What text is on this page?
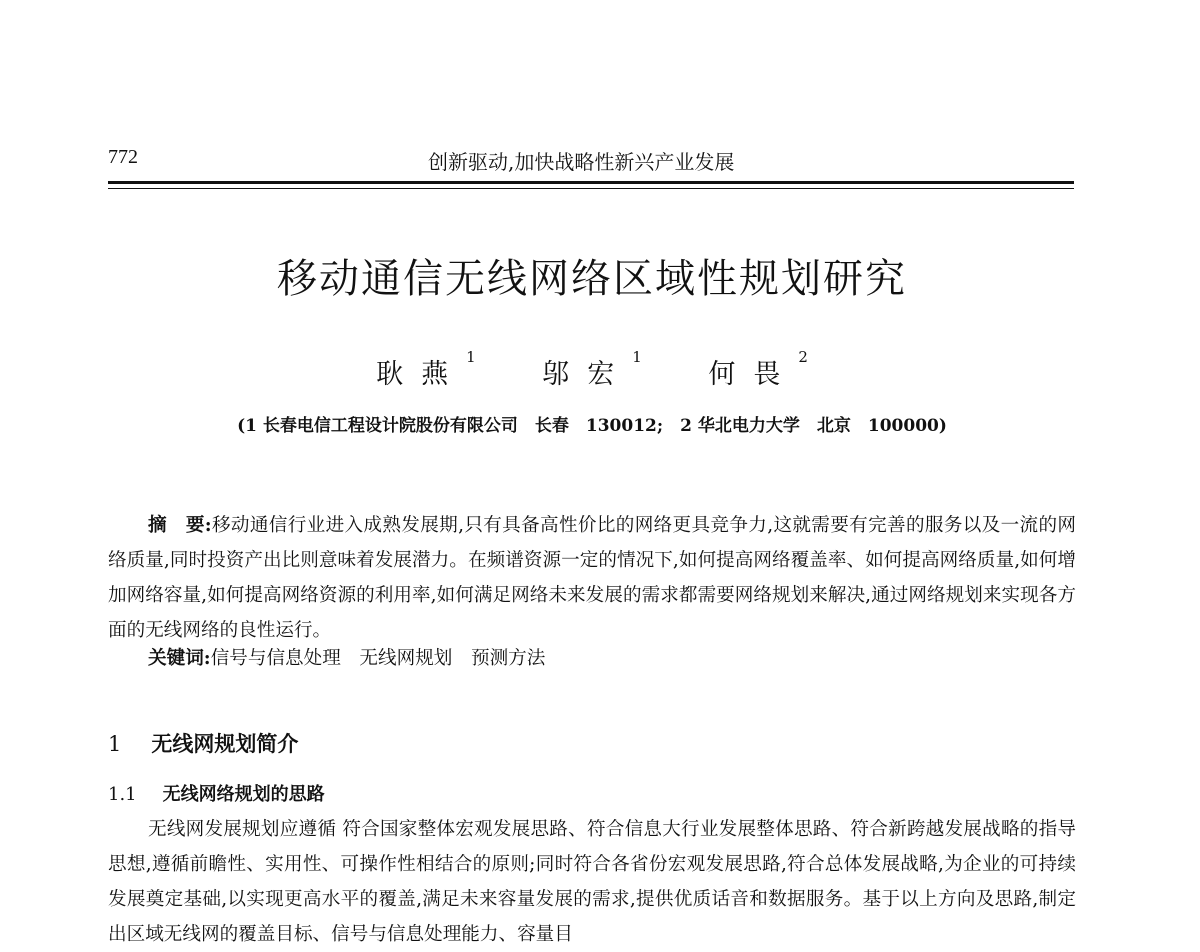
772	创新驱动,加快战略性新兴产业发展
移动通信无线网络区域性规划研究
耿燕$^1$ 邬宏$^1$ 何畏$^2$
(1 长春电信工程设计院股份有限公司　长春　130012;　2 华北电力大学　北京　100000)
摘　要:移动通信行业进入成熟发展期,只有具备高性价比的网络更具竞争力,这就需要有完善的服务以及一流的网络质量,同时投资产出比则意味着发展潜力。在频谱资源一定的情况下,如何提高网络覆盖率、如何提高网络质量,如何增加网络容量,如何提高网络资源的利用率,如何满足网络未来发展的需求都需要网络规划来解决,通过网络规划来实现各方面的无线网络的良性运行。
关键词:信号与信息处理　无线网规划　预测方法
1 无线网规划简介
1.1 无线网络规划的思路
无线网发展规划应遵循 符合国家整体宏观发展思路、符合信息大行业发展整体思路、符合新跨越发展战略的指导思想,遵循前瞻性、实用性、可操作性相结合的原则;同时符合各省份宏观发展思路,符合总体发展战略,为企业的可持续发展奠定基础,以实现更高水平的覆盖,满足未来容量发展的需求,提供优质话音和数据服务。基于以上方向及思路,制定出区域无线网的覆盖目标、信号与信息处理能力、容量目
